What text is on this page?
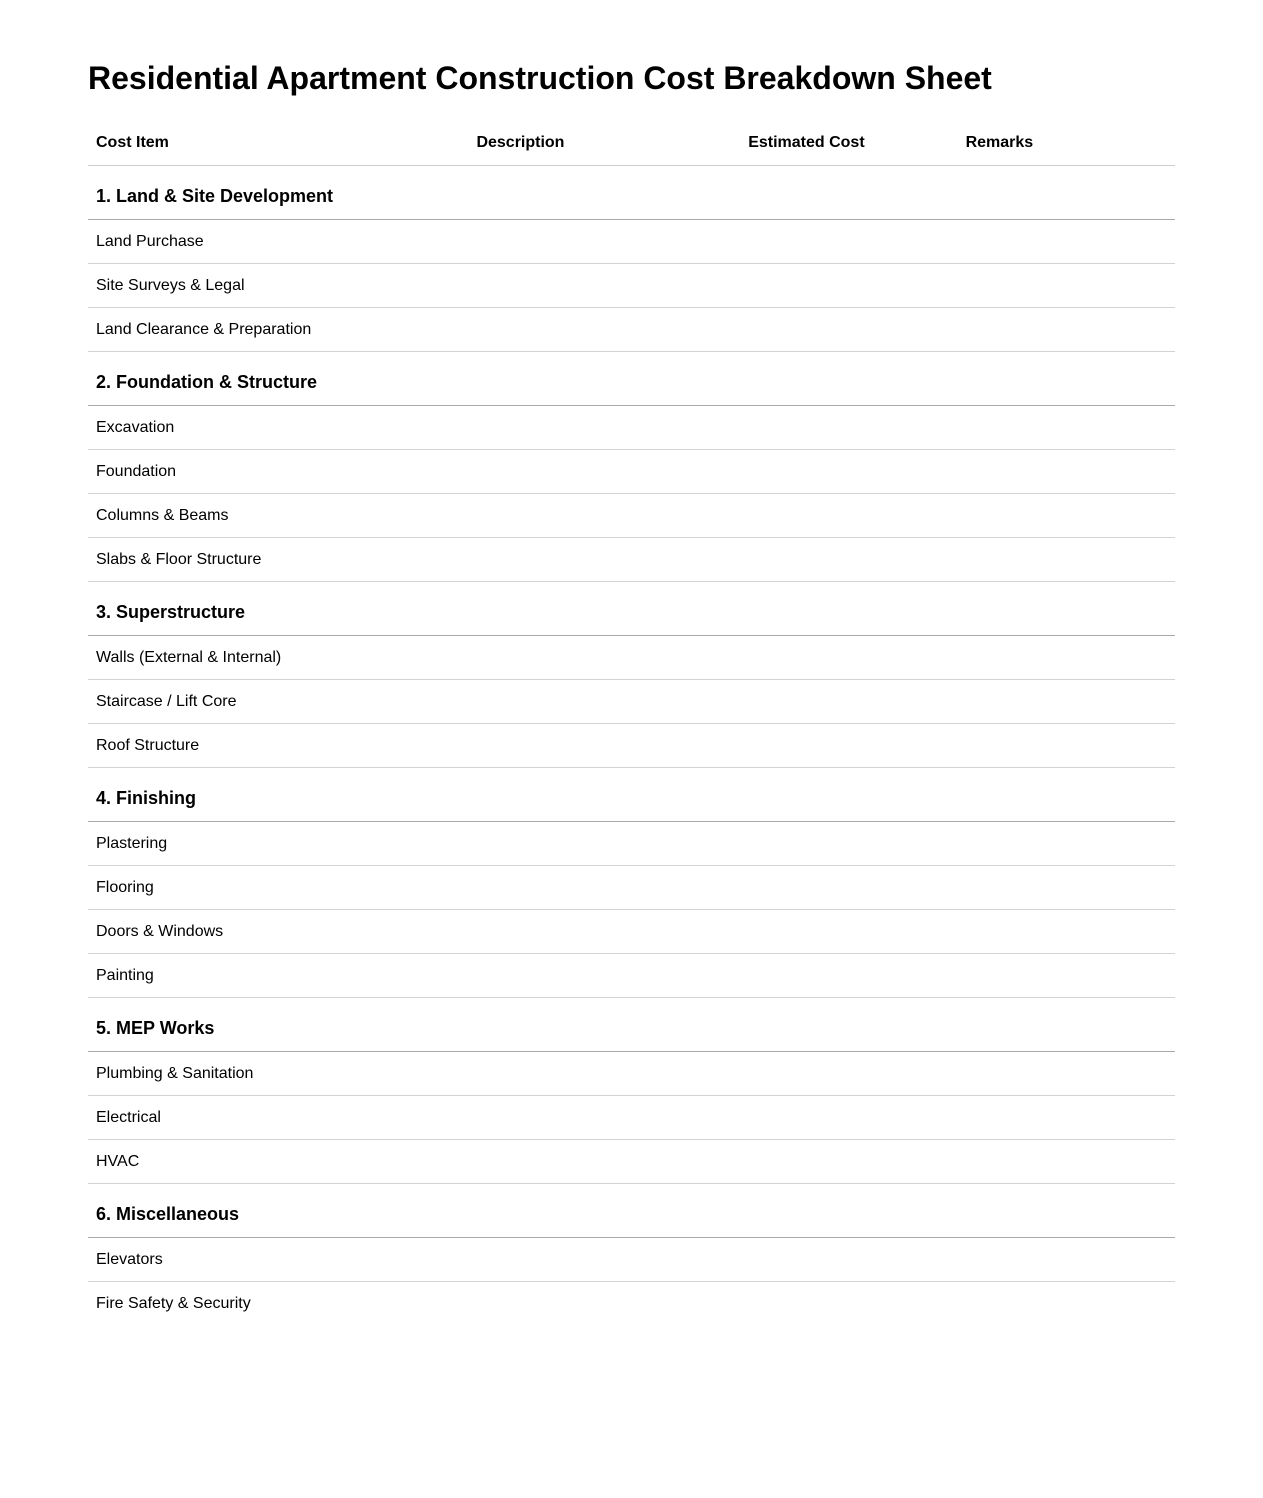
Residential Apartment Construction Cost Breakdown Sheet
Cost Item	Description	Estimated Cost	Remarks
1. Land & Site Development			
Land Purchase			
Site Surveys & Legal			
Land Clearance & Preparation			
2. Foundation & Structure			
Excavation			
Foundation			
Columns & Beams			
Slabs & Floor Structure			
3. Superstructure			
Walls (External & Internal)			
Staircase / Lift Core			
Roof Structure			
4. Finishing			
Plastering			
Flooring			
Doors & Windows			
Painting			
5. MEP Works			
Plumbing & Sanitation			
Electrical			
HVAC			
6. Miscellaneous			
Elevators			
Fire Safety & Security			
